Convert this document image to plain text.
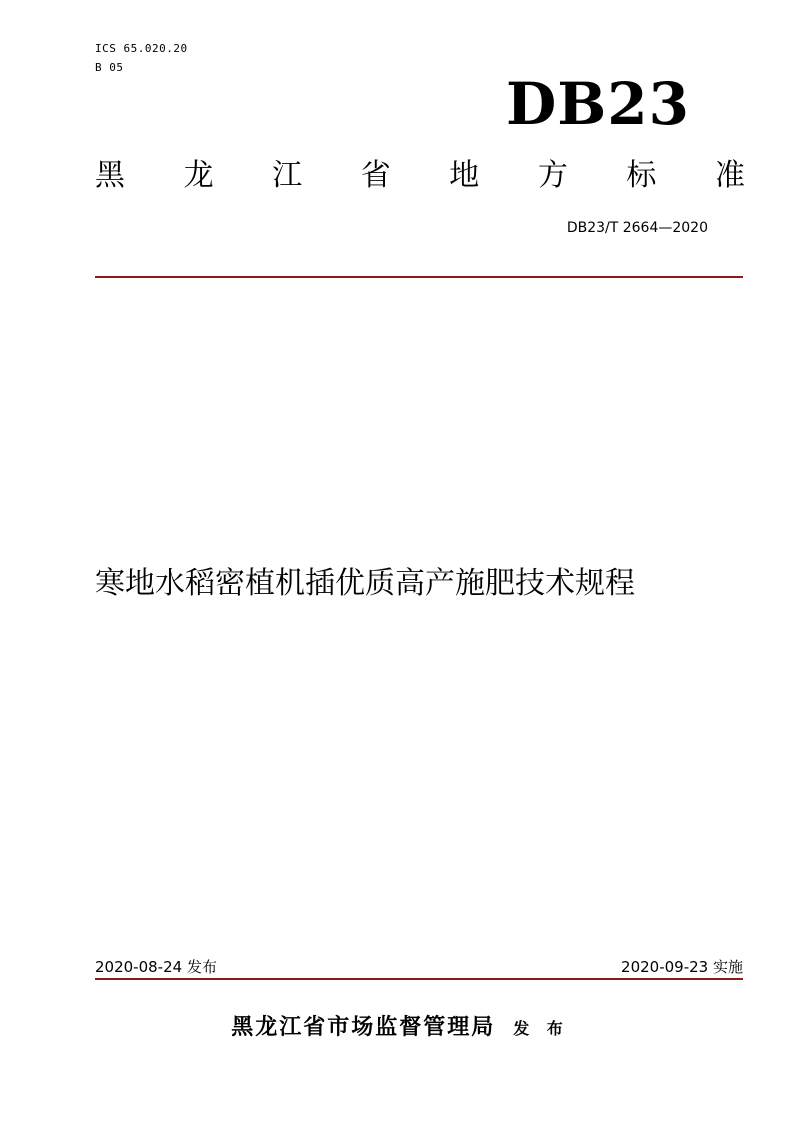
ICS 65.020.20
B 05
DB23
黑 龙 江 省 地 方 标 准
DB23/T 2664—2020
寒地水稻密植机插优质高产施肥技术规程
2020-08-24 发布	2020-09-23 实施
黑龙江省市场监督管理局 发 布
